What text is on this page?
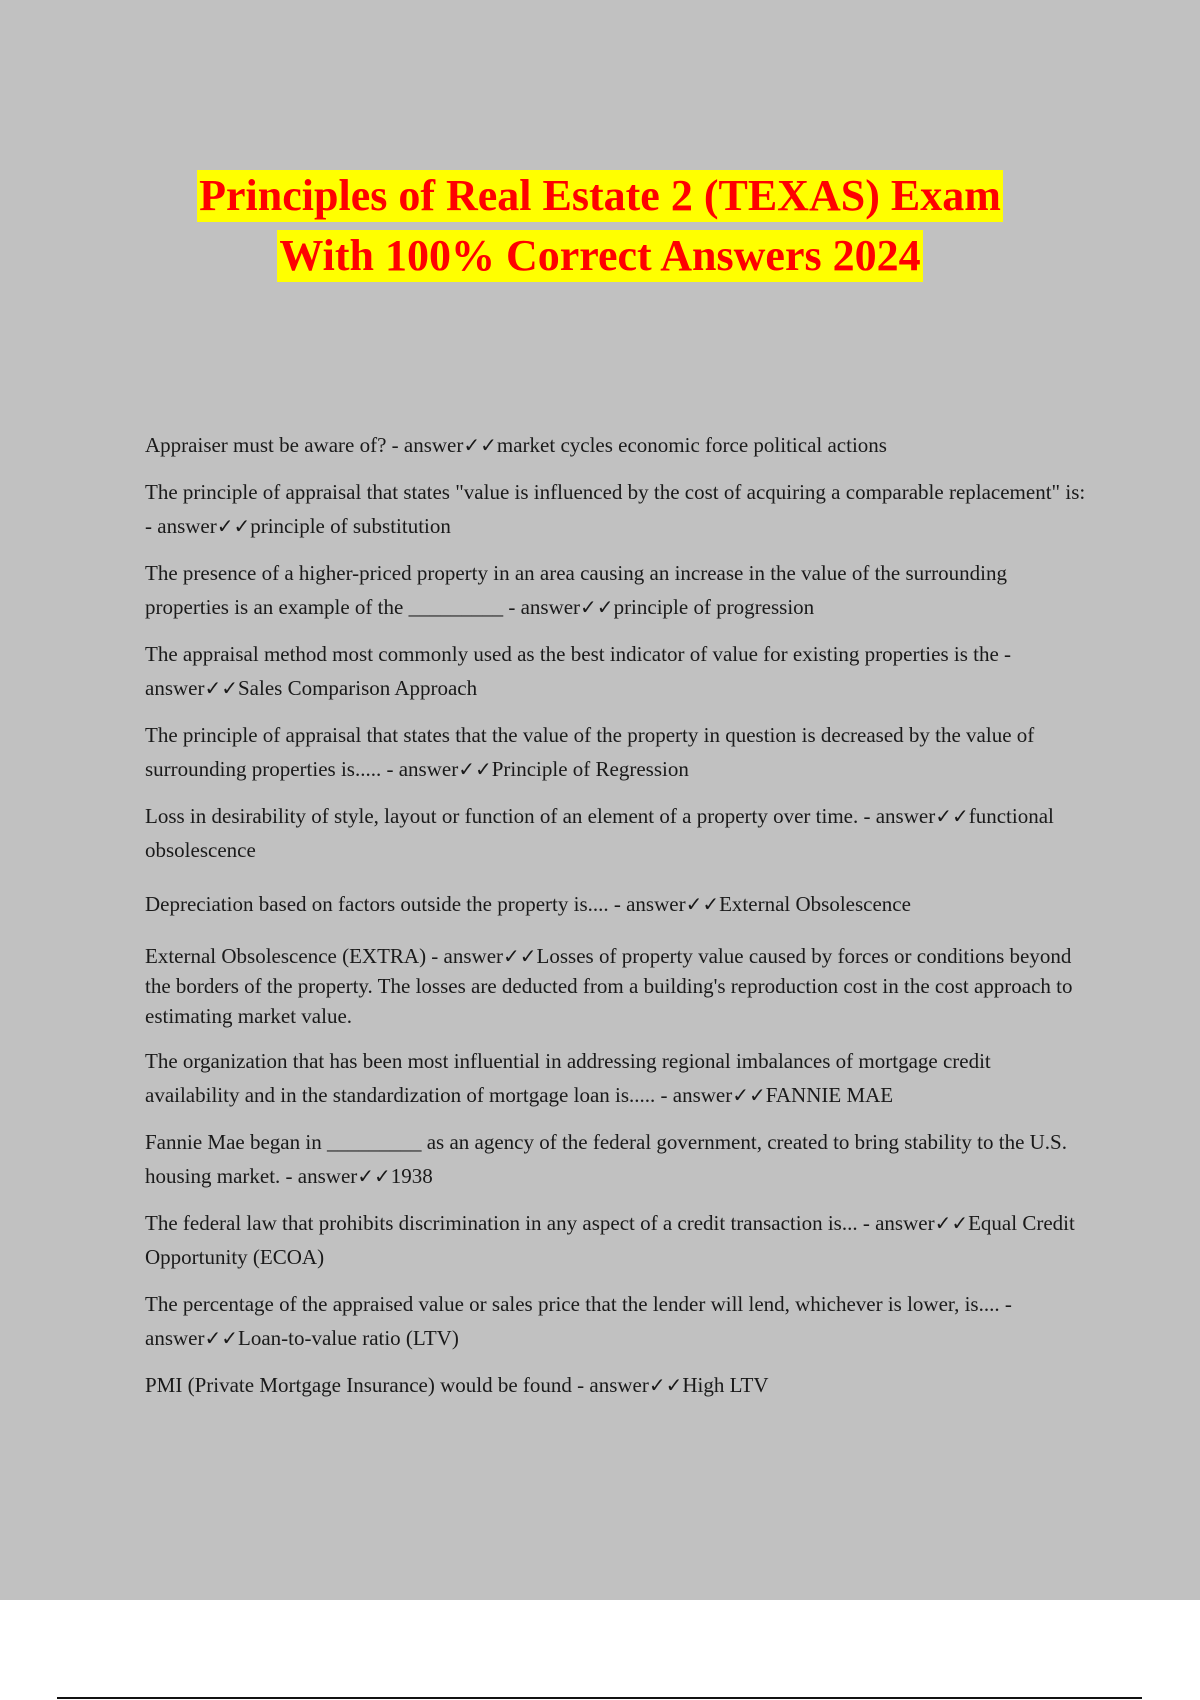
Principles of Real Estate 2 (TEXAS) Exam
With 100% Correct Answers 2024
Appraiser must be aware of? - answer✓✓market cycles economic force political actions
The principle of appraisal that states "value is influenced by the cost of acquiring a comparable replacement" is: - answer✓✓principle of substitution
The presence of a higher-priced property in an area causing an increase in the value of the surrounding properties is an example of the _________ - answer✓✓principle of progression
The appraisal method most commonly used as the best indicator of value for existing properties is the - answer✓✓Sales Comparison Approach
The principle of appraisal that states that the value of the property in question is decreased by the value of surrounding properties is..... - answer✓✓Principle of Regression
Loss in desirability of style, layout or function of an element of a property over time. - answer✓✓functional obsolescence
Depreciation based on factors outside the property is.... - answer✓✓External Obsolescence
External Obsolescence (EXTRA) - answer✓✓Losses of property value caused by forces or conditions beyond the borders of the property. The losses are deducted from a building's reproduction cost in the cost approach to estimating market value.
The organization that has been most influential in addressing regional imbalances of mortgage credit availability and in the standardization of mortgage loan is..... - answer✓✓FANNIE MAE
Fannie Mae began in _________ as an agency of the federal government, created to bring stability to the U.S. housing market. - answer✓✓1938
The federal law that prohibits discrimination in any aspect of a credit transaction is... - answer✓✓Equal Credit Opportunity (ECOA)
The percentage of the appraised value or sales price that the lender will lend, whichever is lower, is.... - answer✓✓Loan-to-value ratio (LTV)
PMI (Private Mortgage Insurance) would be found - answer✓✓High LTV
